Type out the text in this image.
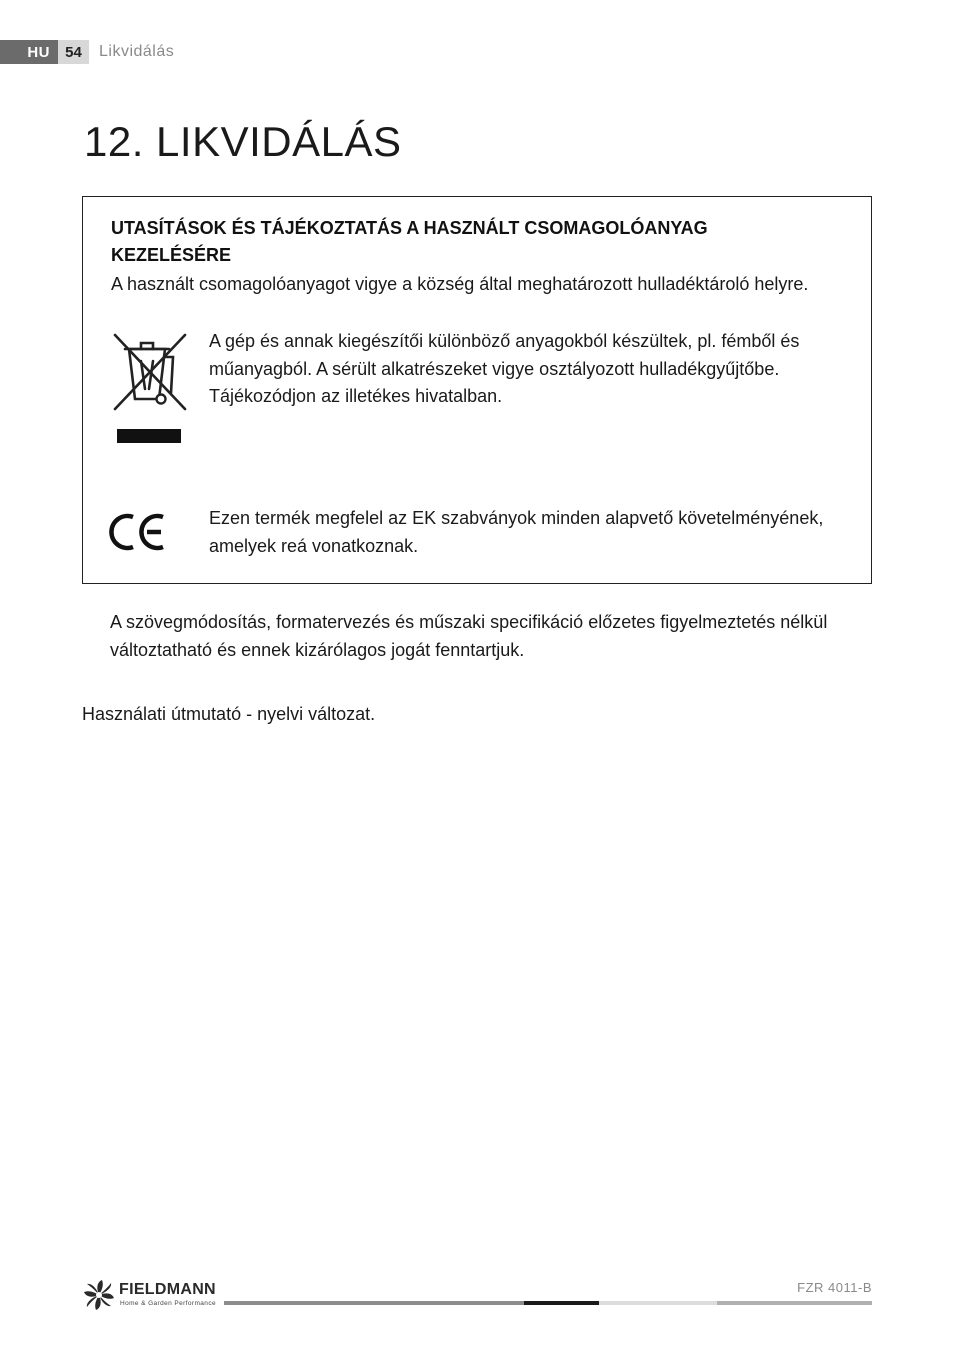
HU	54	Likvidálás
12. LIKVIDÁLÁS
UTASÍTÁSOK ÉS TÁJÉKOZTATÁS A HASZNÁLT CSOMAGOLÓANYAG KEZELÉSÉRE

A használt csomagolóanyagot vigye a község által meghatározott hulladéktároló helyre.

A gép és annak kiegészítői különböző anyagokból készültek, pl. fémből és műanyagból. A sérült alkatrészeket vigye osztályozott hulladékgyűjtőbe. Tájékozódjon az illetékes hivatalban.

Ezen termék megfelel az EK szabványok minden alapvető követelményének, amelyek reá vonatkoznak.

A szövegmódosítás, formatervezés és műszaki specifikáció előzetes figyelmeztetés nélkül változtatható és ennek kizárólagos jogát fenntartjuk.

Használati útmutató - nyelvi változat.

FIELDMANN
Home & Garden Performance
FZR 4011-B
